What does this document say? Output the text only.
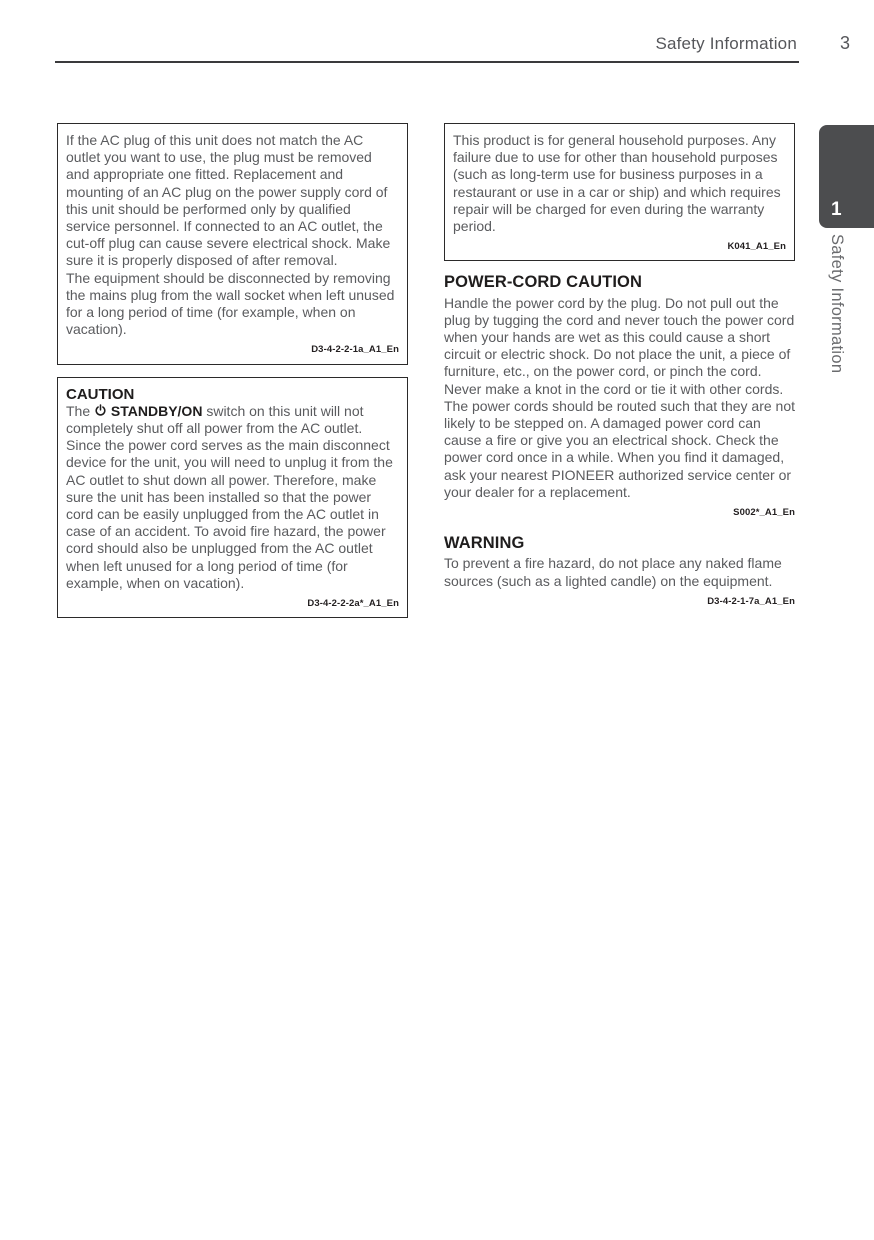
Safety Information 3

If the AC plug of this unit does not match the AC outlet you want to use, the plug must be removed and appropriate one fitted. Replacement and mounting of an AC plug on the power supply cord of this unit should be performed only by qualified service personnel. If connected to an AC outlet, the cut-off plug can cause severe electrical shock. Make sure it is properly disposed of after removal.

The equipment should be disconnected by removing the mains plug from the wall socket when left unused for a long period of time (for example, when on vacation).

D3-4-2-2-1a_A1_En
CAUTION

The STANDBY/ON switch on this unit will not completely shut off all power from the AC outlet. Since the power cord serves as the main disconnect device for the unit, you will need to unplug it from the AC outlet to shut down all power. Therefore, make sure the unit has been installed so that the power cord can be easily unplugged from the AC outlet in case of an accident. To avoid fire hazard, the power cord should also be unplugged from the AC outlet when left unused for a long period of time (for example, when on vacation).

D3-4-2-2-2a*_A1_En

This product is for general household purposes. Any failure due to use for other than household purposes (such as long-term use for business purposes in a restaurant or use in a car or ship) and which requires repair will be charged for even during the warranty period.

K041_A1_En
POWER-CORD CAUTION

Handle the power cord by the plug. Do not pull out the plug by tugging the cord and never touch the power cord when your hands are wet as this could cause a short circuit or electric shock. Do not place the unit, a piece of furniture, etc., on the power cord, or pinch the cord. Never make a knot in the cord or tie it with other cords. The power cords should be routed such that they are not likely to be stepped on. A damaged power cord can cause a fire or give you an electrical shock. Check the power cord once in a while. When you find it damaged, ask your nearest PIONEER authorized service center or your dealer for a replacement.

S002*_A1_En
WARNING

To prevent a fire hazard, do not place any naked flame sources (such as a lighted candle) on the equipment.

D3-4-2-1-7a_A1_En
1
Safety Information
